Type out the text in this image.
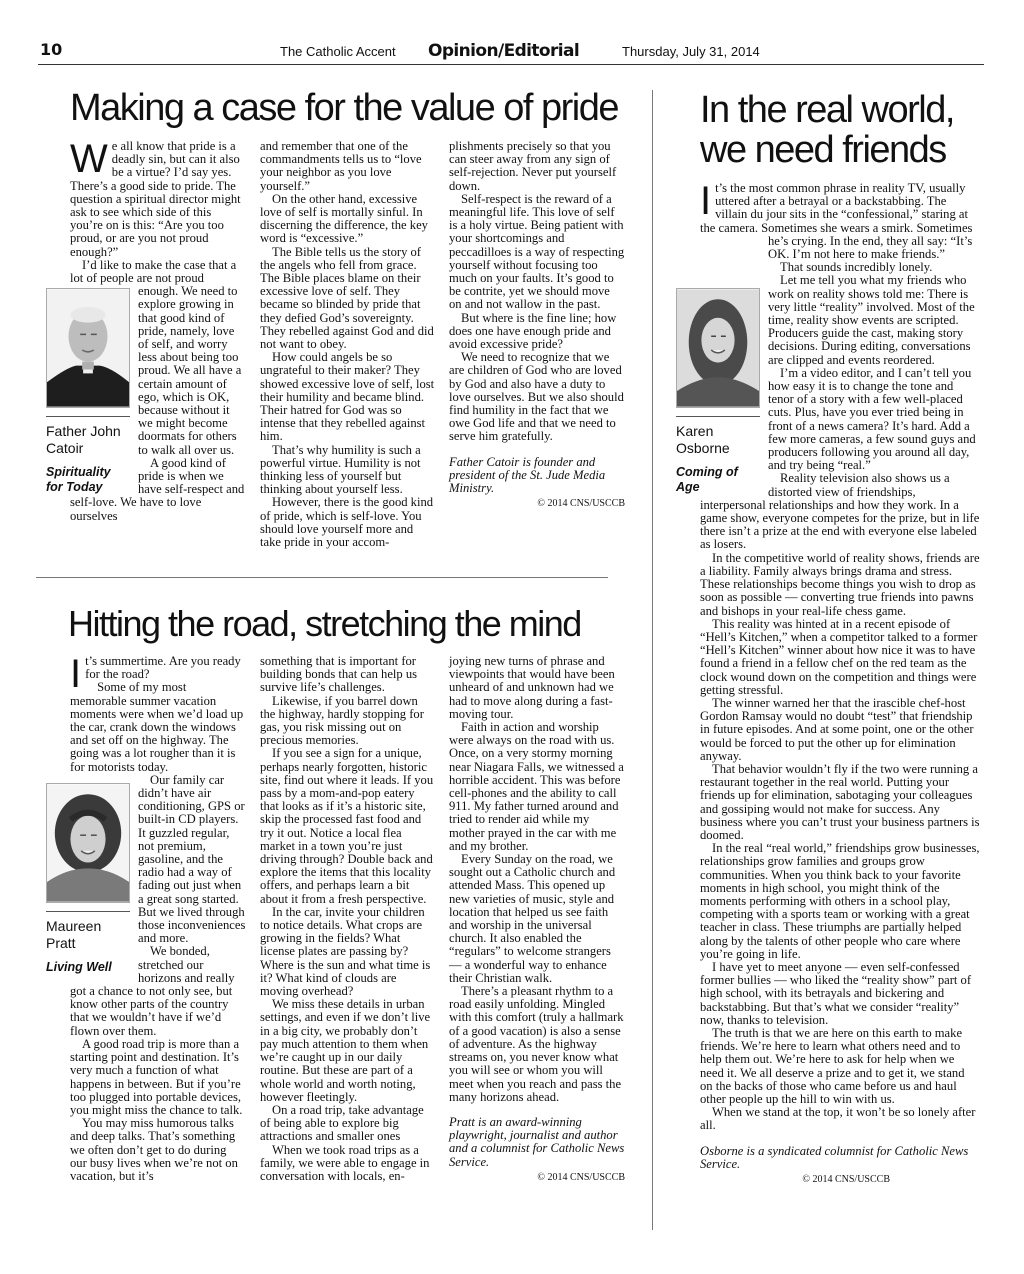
10	The Catholic Accent Opinion/Editorial	Thursday, July 31, 2014
Making a case for the value of pride
W
Father John Catoir
Spirituality for Today

e all know that pride is a deadly sin, but can it also be a virtue? I’d say yes. There’s a good side to pride. The question a spiritual director might ask to see which side of this you’re on is this: “Are you too proud, or are you not proud enough?”

I’d like to make the case that a lot of people are not proud enough. We need to explore growing in that good kind of pride, namely, love of self, and worry less about being too proud. We all have a certain amount of ego, which is OK, because without it we might become doormats for others to walk all over us.

A good kind of pride is when we have self-respect and self-love. We have to love ourselves

and remember that one of the commandments tells us to “love your neighbor as you love yourself.”

On the other hand, excessive love of self is mortally sinful. In discerning the difference, the key word is “excessive.”

The Bible tells us the story of the angels who fell from grace. The Bible places blame on their excessive love of self. They became so blinded by pride that they defied God’s sovereignty. They rebelled against God and did not want to obey.

How could angels be so ungrateful to their maker? They showed excessive love of self, lost their humility and became blind. Their hatred for God was so intense that they rebelled against him.

That’s why humility is such a powerful virtue. Humility is not thinking less of yourself but thinking about yourself less.

However, there is the good kind of pride, which is self-love. You should love yourself more and take pride in your accom-

plishments precisely so that you can steer away from any sign of self-rejection. Never put yourself down.

Self-respect is the reward of a meaningful life. This love of self is a holy virtue. Being patient with your shortcomings and peccadilloes is a way of respecting yourself without focusing too much on your faults. It’s good to be contrite, yet we should move on and not wallow in the past.

But where is the fine line; how does one have enough pride and avoid excessive pride?

We need to recognize that we are children of God who are loved by God and also have a duty to love ourselves. But we also should find humility in the fact that we owe God life and that we need to serve him gratefully.

Father Catoir is founder and president of the St. Jude Media Ministry.

© 2014 CNS/USCCB

Hitting the road, stretching the mind
I
Maureen Pratt
Living Well

t’s summertime. Are you ready for the road?

Some of my most memorable summer vacation moments were when we’d load up the car, crank down the windows and set off on the highway. The going was a lot rougher than it is for motorists today.

Our family car didn’t have air conditioning, GPS or built-in CD players. It guzzled regular, not premium, gasoline, and the radio had a way of fading out just when a great song started. But we lived through those inconveniences and more.

We bonded, stretched our horizons and really got a chance to not only see, but know other parts of the country that we wouldn’t have if we’d flown over them.

A good road trip is more than a starting point and destination. It’s very much a function of what happens in between. But if you’re too plugged into portable devices, you might miss the chance to talk.

You may miss humorous talks and deep talks. That’s something we often don’t get to do during our busy lives when we’re not on vacation, but it’s

something that is important for building bonds that can help us survive life’s challenges.

Likewise, if you barrel down the highway, hardly stopping for gas, you risk missing out on precious memories.

If you see a sign for a unique, perhaps nearly forgotten, historic site, find out where it leads. If you pass by a mom-and-pop eatery that looks as if it’s a historic site, skip the processed fast food and try it out. Notice a local flea market in a town you’re just driving through? Double back and explore the items that this locality offers, and perhaps learn a bit about it from a fresh perspective.

In the car, invite your children to notice details. What crops are growing in the fields? What license plates are passing by? Where is the sun and what time is it? What kind of clouds are moving overhead?

We miss these details in urban settings, and even if we don’t live in a big city, we probably don’t pay much attention to them when we’re caught up in our daily routine. But these are part of a whole world and worth noting, however fleetingly.

On a road trip, take advantage of being able to explore big attractions and smaller ones

When we took road trips as a family, we were able to engage in conversation with locals, en-

joying new turns of phrase and viewpoints that would have been unheard of and unknown had we had to move along during a fast-moving tour.

Faith in action and worship were always on the road with us. Once, on a very stormy morning near Niagara Falls, we witnessed a horrible accident. This was before cell-phones and the ability to call 911. My father turned around and tried to render aid while my mother prayed in the car with me and my brother.

Every Sunday on the road, we sought out a Catholic church and attended Mass. This opened up new varieties of music, style and location that helped us see faith and worship in the universal church. It also enabled the “regulars” to welcome strangers — a wonderful way to enhance their Christian walk.

There’s a pleasant rhythm to a road easily unfolding. Mingled with this comfort (truly a hallmark of a good vacation) is also a sense of adventure. As the highway streams on, you never know what you will see or whom you will meet when you reach and pass the many horizons ahead.

Pratt is an award-winning playwright, journalist and author and a columnist for Catholic News Service.

© 2014 CNS/USCCB

In the real world, we need friends
I
Karen Osborne
Coming of Age

t’s the most common phrase in reality TV, usually uttered after a betrayal or a backstabbing. The villain du jour sits in the “confessional,” staring at the camera. Sometimes she wears a smirk. Sometimes he’s crying. In the end, they all say: “It’s OK. I’m not here to make friends.”

That sounds incredibly lonely.

Let me tell you what my friends who work on reality shows told me: There is very little “reality” involved. Most of the time, reality show events are scripted. Producers guide the cast, making story decisions. During editing, conversations are clipped and events reordered.

I’m a video editor, and I can’t tell you how easy it is to change the tone and tenor of a story with a few well-placed cuts. Plus, have you ever tried being in front of a news camera? It’s hard. Add a few more cameras, a few sound guys and producers following you around all day, and try being “real.”

Reality television also shows us a distorted view of friendships, interpersonal relationships and how they work. In a game show, everyone competes for the prize, but in life there isn’t a prize at the end with everyone else labeled as losers.

In the competitive world of reality shows, friends are a liability. Family always brings drama and stress. These relationships become things you wish to drop as soon as possible — converting true friends into pawns and bishops in your real-life chess game.

This reality was hinted at in a recent episode of “Hell’s Kitchen,” when a competitor talked to a former “Hell’s Kitchen” winner about how nice it was to have found a friend in a fellow chef on the red team as the clock wound down on the competition and things were getting stressful.

The winner warned her that the irascible chef-host Gordon Ramsay would no doubt “test” that friendship in future episodes. And at some point, one or the other would be forced to put the other up for elimination anyway.

That behavior wouldn’t fly if the two were running a restaurant together in the real world. Putting your friends up for elimination, sabotaging your colleagues and gossiping would not make for success. Any business where you can’t trust your business partners is doomed.

In the real “real world,” friendships grow businesses, relationships grow families and groups grow communities. When you think back to your favorite moments in high school, you might think of the moments performing with others in a school play, competing with a sports team or working with a great teacher in class. These triumphs are partially helped along by the talents of other people who care where you’re going in life.

I have yet to meet anyone — even self-confessed former bullies — who liked the “reality show” part of high school, with its betrayals and bickering and backstabbing. But that’s what we consider “reality” now, thanks to television.

The truth is that we are here on this earth to make friends. We’re here to learn what others need and to help them out. We’re here to ask for help when we need it. We all deserve a prize and to get it, we stand on the backs of those who came before us and haul other people up the hill to win with us.

When we stand at the top, it won’t be so lonely after all.

Osborne is a syndicated columnist for Catholic News Service.

© 2014 CNS/USCCB
